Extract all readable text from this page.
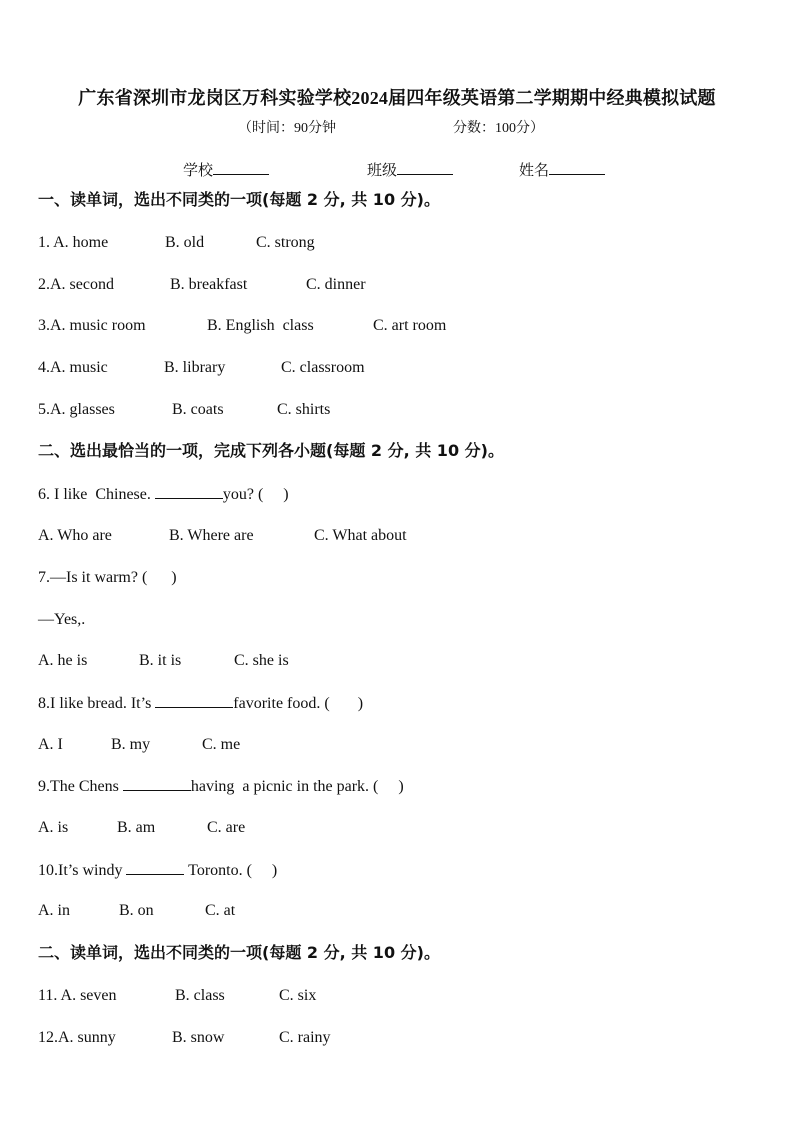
广东省深圳市龙岗区万科实验学校2024届四年级英语第二学期期中经典模拟试题
（时间：90分钟	分数：100分）
学校	班级	姓名
一、读单词，选出不同类的一项(每题 2 分, 共 10 分)。
1. A. home	B. old	C. strong
2.A. second	B. breakfast	C. dinner
3.A. music room	B. English  class	C. art room
4.A. music	B. library	C. classroom
5.A. glasses	B. coats	C. shirts
二、选出最恰当的一项，完成下列各小题(每题 2 分, 共 10 分)。
6. I like  Chinese.	you? (     )
A. Who are	B. Where are	C. What about
7.—Is it warm? (      )
—Yes,.
A. he is	B. it is	C. she is
8.I like bread. It’s	favorite food. (       )
A. I	B. my	C. me
9.The Chens	having  a picnic in the park. (     )
A. is	B. am	C. are
10.It’s windy	Toronto. (     )
A. in	B. on	C. at
二、读单词，选出不同类的一项(每题 2 分, 共 10 分)。
11. A. seven	B. class	C. six
12.A. sunny	B. snow	C. rainy
